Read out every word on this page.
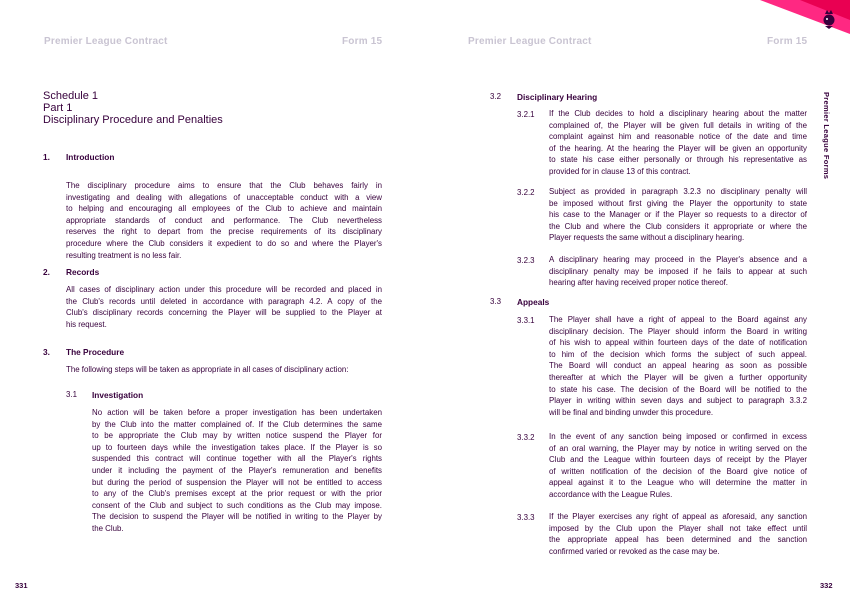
Premier League Contract	Form 15	Premier League Contract	Form 15
Premier League Forms
Schedule 1
Part 1
Disciplinary Procedure and Penalties
1. Introduction
The disciplinary procedure aims to ensure that the Club behaves fairly in
investigating and dealing with allegations of unacceptable conduct with a view
to helping and encouraging all employees of the Club to achieve and maintain
appropriate standards of conduct and performance. The Club nevertheless
reserves the right to depart from the precise requirements of its disciplinary
procedure where the Club considers it expedient to do so and where the Player's
resulting treatment is no less fair.
2. Records
All cases of disciplinary action under this procedure will be recorded and placed in
the Club's records until deleted in accordance with paragraph 4.2. A copy of the
Club's disciplinary records concerning the Player will be supplied to the Player at
his request.
3. The Procedure
The following steps will be taken as appropriate in all cases of disciplinary action:
3.1 Investigation
No action will be taken before a proper investigation has been undertaken
by the Club into the matter complained of. If the Club determines the same
to be appropriate the Club may by written notice suspend the Player for
up to fourteen days while the investigation takes place. If the Player is so
suspended this contract will continue together with all the Player's rights
under it including the payment of the Player's remuneration and benefits
but during the period of suspension the Player will not be entitled to access
to any of the Club's premises except at the prior request or with the prior
consent of the Club and subject to such conditions as the Club may impose.
The decision to suspend the Player will be notified in writing to the Player by
the Club.
331
3.2 Disciplinary Hearing
3.2.1 If the Club decides to hold a disciplinary hearing about the matter
complained of, the Player will be given full details in writing of the
complaint against him and reasonable notice of the date and time
of the hearing. At the hearing the Player will be given an opportunity
to state his case either personally or through his representative as
provided for in clause 13 of this contract.
3.2.2 Subject as provided in paragraph 3.2.3 no disciplinary penalty will
be imposed without first giving the Player the opportunity to state
his case to the Manager or if the Player so requests to a director of
the Club and where the Club considers it appropriate or where the
Player requests the same without a disciplinary hearing.
3.2.3 A disciplinary hearing may proceed in the Player's absence and a
disciplinary penalty may be imposed if he fails to appear at such
hearing after having received proper notice thereof.
3.3 Appeals
3.3.1 The Player shall have a right of appeal to the Board against any
disciplinary decision. The Player should inform the Board in writing
of his wish to appeal within fourteen days of the date of notification
to him of the decision which forms the subject of such appeal.
The Board will conduct an appeal hearing as soon as possible
thereafter at which the Player will be given a further opportunity
to state his case. The decision of the Board will be notified to the
Player in writing within seven days and subject to paragraph 3.3.2
will be final and binding unwder this procedure.
3.3.2 In the event of any sanction being imposed or confirmed in excess
of an oral warning, the Player may by notice in writing served on the
Club and the League within fourteen days of receipt by the Player
of written notification of the decision of the Board give notice of
appeal against it to the League who will determine the matter in
accordance with the League Rules.
3.3.3 If the Player exercises any right of appeal as aforesaid, any sanction
imposed by the Club upon the Player shall not take effect until
the appropriate appeal has been determined and the sanction
confirmed varied or revoked as the case may be.
332
